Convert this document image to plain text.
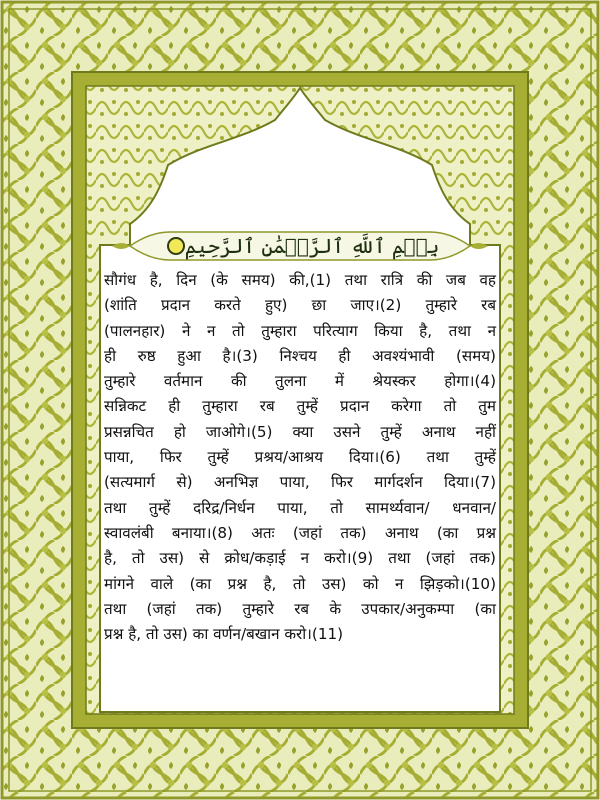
بِسۡمِ ٱللَّهِ ٱلرَّحۡمَٰنِ ٱلرَّحِيمِ
सौगंध है, दिन (के समय) की,(1) तथा रात्रि की जब वह
(शांति प्रदान करते हुए) छा जाए।(2) तुम्हारे रब
(पालनहार) ने न तो तुम्हारा परित्याग किया है, तथा न
ही रुष्ठ हुआ है।(3) निश्चय ही अवश्यंभावी (समय)
तुम्हारे वर्तमान की तुलना में श्रेयस्कर होगा।(4)
सन्निकट ही तुम्हारा रब तुम्हें प्रदान करेगा तो तुम
प्रसन्नचित हो जाओगे।(5) क्या उसने तुम्हें अनाथ नहीं
पाया, फिर तुम्हें प्रश्रय/आश्रय दिया।(6) तथा तुम्हें
(सत्यमार्ग से) अनभिज्ञ पाया, फिर मार्गदर्शन दिया।(7)
तथा तुम्हें दरिद्र/निर्धन पाया, तो सामर्थ्यवान/ धनवान/
स्वावलंबी बनाया।(8) अतः (जहां तक) अनाथ (का प्रश्न
है, तो उस) से क्रोध/कड़ाई न करो।(9) तथा (जहां तक)
मांगने वाले (का प्रश्न है, तो उस) को न झिड़को।(10)
तथा (जहां तक) तुम्हारे रब के उपकार/अनुकम्पा (का
प्रश्न है, तो उस) का वर्णन/बखान करो।(11)
